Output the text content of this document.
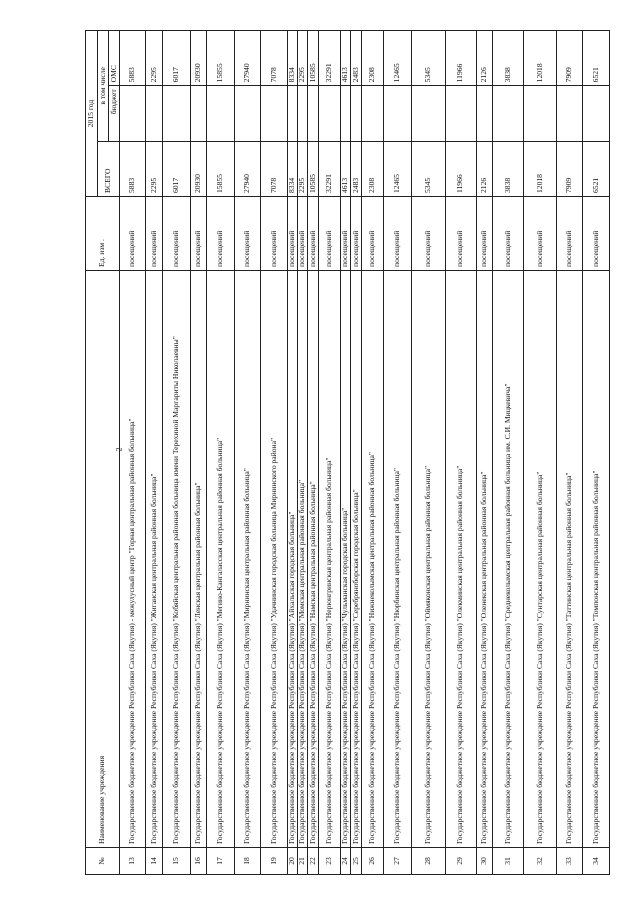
2
№	Наименование учреждения	Ед. изм .	2015 год		
			ВСЕГО	в том числе	
				бюджет	ОМС
13	Государственное бюджетное учреждение Республики Саха (Якутия) - межулусный центр "Горная центральная районная больница"	посещений	5883		5883
14	Государственное бюджетное учреждение Республики Саха (Якутия) "Жиганская центральная районная больница"	посещений	2295		2295
15	Государственное бюджетное учреждение Республики Саха (Якутия) "Кобяйская центральная районная больница имени Терехиной Маргариты Николаевны"	посещений	6017		6017
16	Государственное бюджетное учреждение Республики Саха (Якутия) "Ленская центральная районная больница"	посещений	20930		20930
17	Государственное бюджетное учреждение Республики Саха (Якутия) "Мегино-Кангаласская центральная районная больница"	посещений	15855		15855
18	Государственное бюджетное учреждение Республики Саха (Якутия) "Мирнинская центральная районная больница"	посещений	27940		27940
19	Государственное бюджетное учреждение Республики Саха (Якутия) "Удачнинская городская больница Мирнинского района"	посещений	7078		7078
20	Государственное бюджетное учреждение Республики Саха (Якутия) "Айхальская городская больница"	посещений	8334		8334
21	Государственное бюджетное учреждение Республики Саха (Якутия) "Момская центральная районная больница"	посещений	2295		2295
22	Государственное бюджетное учреждение Республики Саха (Якутия) "Намская центральная районная больница"	посещений	10585		10585
23	Государственное бюджетное учреждение Республики Саха (Якутия) "Нерюнгринская центральная районная больница"	посещений	32291		32291
24	Государственное бюджетное учреждение Республики Саха (Якутия) "Чульманская городская больница"	посещений	4613		4613
25	Государственное бюджетное учреждение Республики Саха (Якутия) "Серебряноборская городская больница"	посещений	2483		2483
26	Государственное бюджетное учреждение Республики Саха (Якутия) "Нижнеколымская центральная районная больница"	посещений	2308		2308
27	Государственное бюджетное учреждение Республики Саха (Якутия) "Нюрбинская центральная районная больница"	посещений	12465		12465
28	Государственное бюджетное учреждение Республики Саха (Якутия) "Оймяконская центральная районная больница"	посещений	5345		5345
29	Государственное бюджетное учреждение Республики Саха (Якутия) "Олекминская центральная районная больница"	посещений	11966		11966
30	Государственное бюджетное учреждение Республики Саха (Якутия) "Оленекская центральная районная больница"	посещений	2126		2126
31	Государственное бюджетное учреждение Республики Саха (Якутия) "Среднеколымская центральная районная больница им. С.И. Мицкевича"	посещений	3838		3838
32	Государственное бюджетное учреждение Республики Саха (Якутия) "Сунтарская центральная районная больница"	посещений	12018		12018
33	Государственное бюджетное учреждение Республики Саха (Якутия) "Таттинская центральная районная больница"	посещений	7909		7909
34	Государственное бюджетное учреждение Республики Саха (Якутия) "Томпонская центральная районная больница"	посещений	6521		6521
